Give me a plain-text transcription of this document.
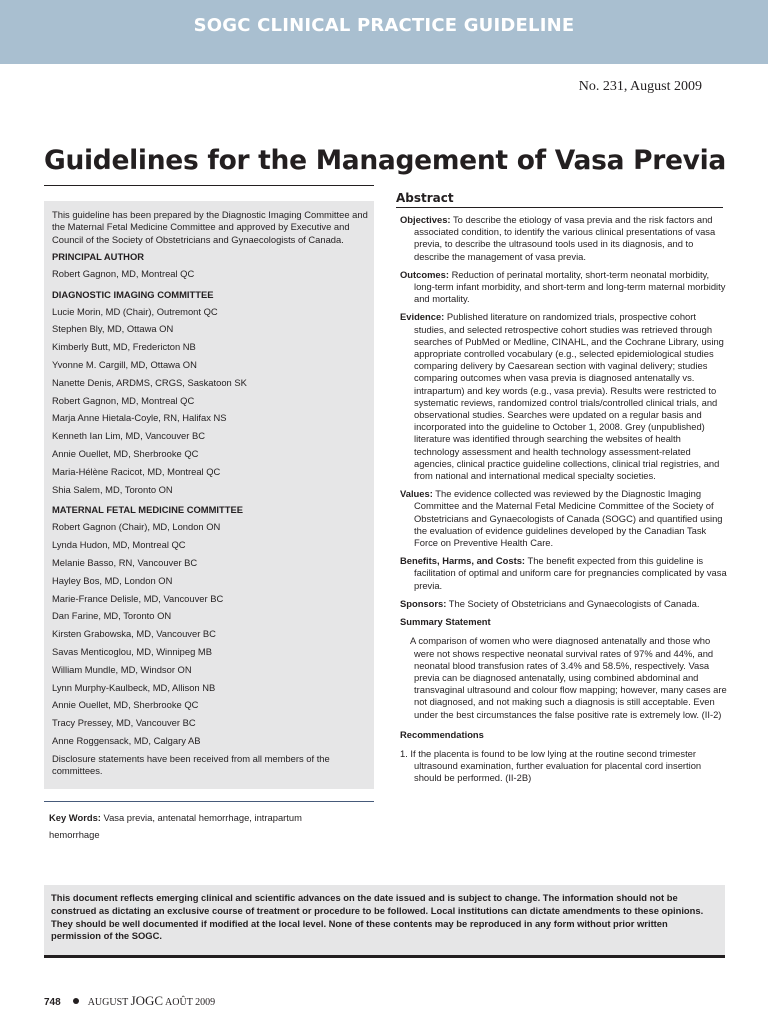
SOGC CLINICAL PRACTICE GUIDELINE
No. 231, August 2009
Guidelines for the Management of Vasa Previa
Abstract
This guideline has been prepared by the Diagnostic Imaging Committee and the Maternal Fetal Medicine Committee and approved by Executive and Council of the Society of Obstetricians and Gynaecologists of Canada.
PRINCIPAL AUTHOR
Robert Gagnon, MD, Montreal QC
DIAGNOSTIC IMAGING COMMITTEE
Lucie Morin, MD (Chair), Outremont QC
Stephen Bly, MD, Ottawa ON
Kimberly Butt, MD, Fredericton NB
Yvonne M. Cargill, MD, Ottawa ON
Nanette Denis, ARDMS, CRGS, Saskatoon SK
Robert Gagnon, MD, Montreal QC
Marja Anne Hietala-Coyle, RN, Halifax NS
Kenneth Ian Lim, MD, Vancouver BC
Annie Ouellet, MD, Sherbrooke QC
Maria-Hélène Racicot, MD, Montreal QC
Shia Salem, MD, Toronto ON
MATERNAL FETAL MEDICINE COMMITTEE
Robert Gagnon (Chair), MD, London ON
Lynda Hudon, MD, Montreal QC
Melanie Basso, RN, Vancouver BC
Hayley Bos, MD, London ON
Marie-France Delisle, MD, Vancouver BC
Dan Farine, MD, Toronto ON
Kirsten Grabowska, MD, Vancouver BC
Savas Menticoglou, MD, Winnipeg MB
William Mundle, MD, Windsor ON
Lynn Murphy-Kaulbeck, MD, Allison NB
Annie Ouellet, MD, Sherbrooke QC
Tracy Pressey, MD, Vancouver BC
Anne Roggensack, MD, Calgary AB
Disclosure statements have been received from all members of the committees.
Key Words: Vasa previa, antenatal hemorrhage, intrapartum hemorrhage
Objectives: To describe the etiology of vasa previa and the risk factors and associated condition, to identify the various clinical presentations of vasa previa, to describe the ultrasound tools used in its diagnosis, and to describe the management of vasa previa.
Outcomes: Reduction of perinatal mortality, short-term neonatal morbidity, long-term infant morbidity, and short-term and long-term maternal morbidity and mortality.
Evidence: Published literature on randomized trials, prospective cohort studies, and selected retrospective cohort studies was retrieved through searches of PubMed or Medline, CINAHL, and the Cochrane Library, using appropriate controlled vocabulary (e.g., selected epidemiological studies comparing delivery by Caesarean section with vaginal delivery; studies comparing outcomes when vasa previa is diagnosed antenatally vs. intrapartum) and key words (e.g., vasa previa). Results were restricted to systematic reviews, randomized control trials/controlled clinical trials, and observational studies. Searches were updated on a regular basis and incorporated into the guideline to October 1, 2008. Grey (unpublished) literature was identified through searching the websites of health technology assessment and health technology assessment-related agencies, clinical practice guideline collections, clinical trial registries, and from national and international medical specialty societies.
Values: The evidence collected was reviewed by the Diagnostic Imaging Committee and the Maternal Fetal Medicine Committee of the Society of Obstetricians and Gynaecologists of Canada (SOGC) and quantified using the evaluation of evidence guidelines developed by the Canadian Task Force on Preventive Health Care.
Benefits, Harms, and Costs: The benefit expected from this guideline is facilitation of optimal and uniform care for pregnancies complicated by vasa previa.
Sponsors: The Society of Obstetricians and Gynaecologists of Canada.
Summary Statement
A comparison of women who were diagnosed antenatally and those who were not shows respective neonatal survival rates of 97% and 44%, and neonatal blood transfusion rates of 3.4% and 58.5%, respectively. Vasa previa can be diagnosed antenatally, using combined abdominal and transvaginal ultrasound and colour flow mapping; however, many cases are not diagnosed, and not making such a diagnosis is still acceptable. Even under the best circumstances the false positive rate is extremely low. (II-2)
Recommendations
1. If the placenta is found to be low lying at the routine second trimester ultrasound examination, further evaluation for placental cord insertion should be performed. (II-2B)
This document reflects emerging clinical and scientific advances on the date issued and is subject to change. The information should not be construed as dictating an exclusive course of treatment or procedure to be followed. Local institutions can dictate amendments to these opinions. They should be well documented if modified at the local level. None of these contents may be reproduced in any form without prior written permission of the SOGC.
748	AUGUST JOGC AOÛT 2009
